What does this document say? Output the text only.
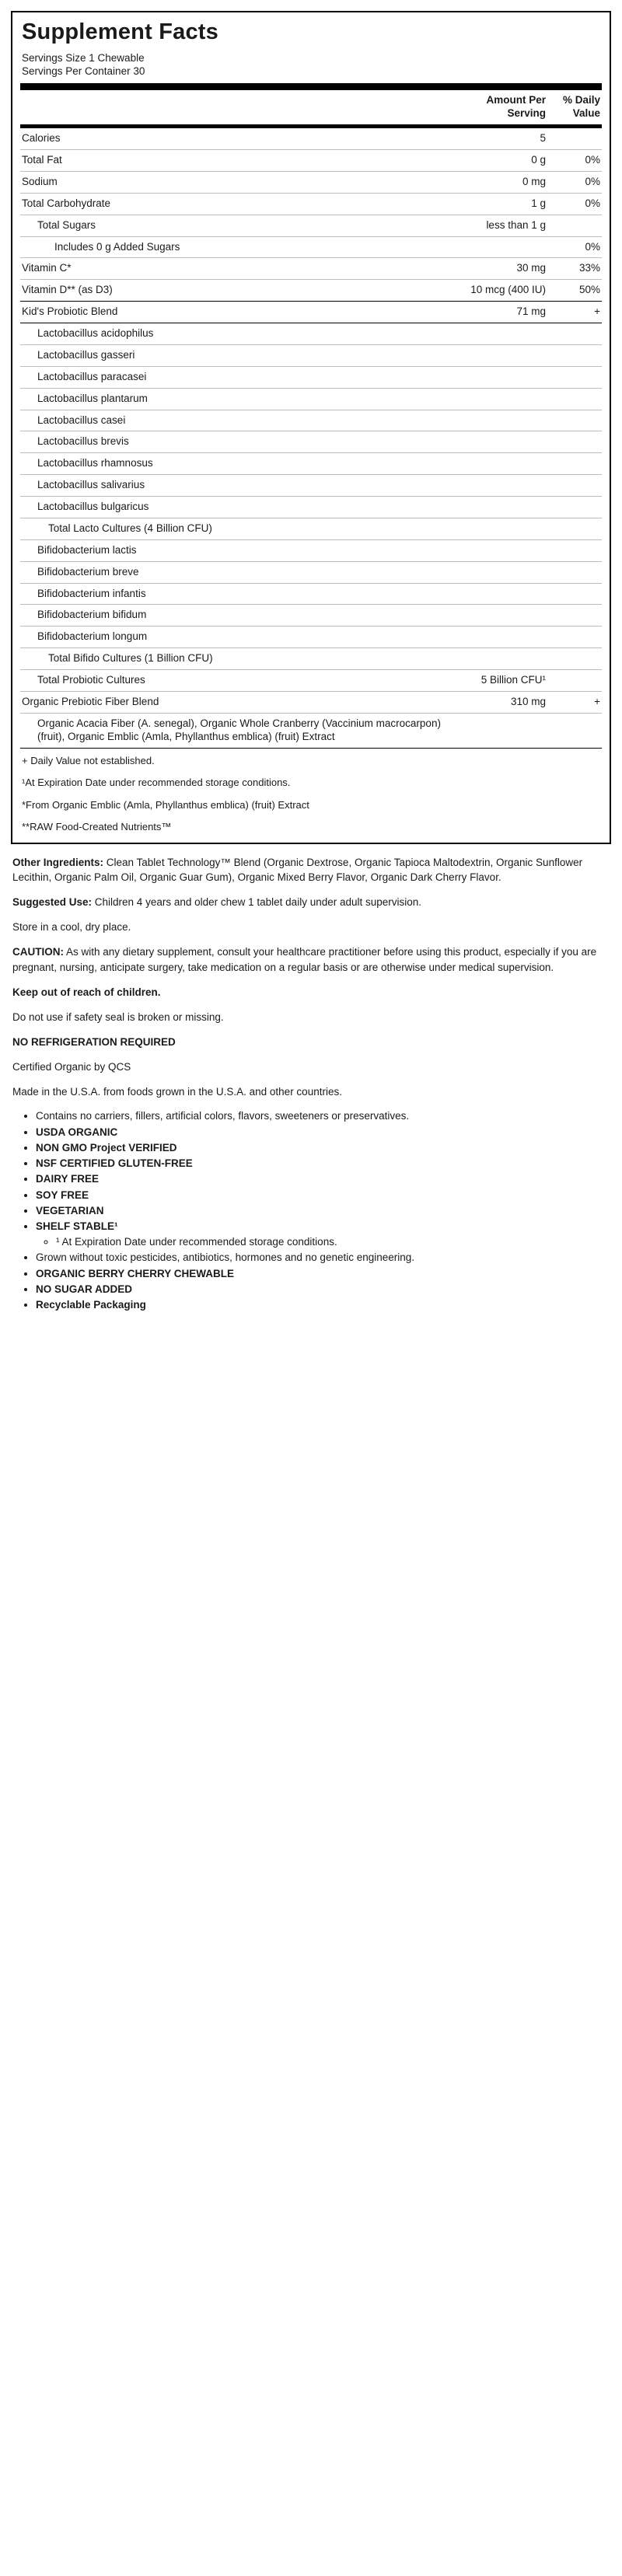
Supplement Facts
Servings Size 1 Chewable
Servings Per Container 30

Amount Per
Serving

% Daily
Value
Calories	5	
Total Fat	0 g	0%
Sodium	0 mg	0%
Total Carbohydrate	1 g	0%
Total Sugars	less than 1 g	
Includes 0 g Added Sugars		0%
Vitamin C*	30 mg	33%
Vitamin D** (as D3)	10 mcg (400 IU)	50%
Kid's Probiotic Blend	71 mg	+
Lactobacillus acidophilus		
Lactobacillus gasseri		
Lactobacillus paracasei		
Lactobacillus plantarum		
Lactobacillus casei		
Lactobacillus brevis		
Lactobacillus rhamnosus		
Lactobacillus salivarius		
Lactobacillus bulgaricus		
Total Lacto Cultures (4 Billion CFU)		
Bifidobacterium lactis		
Bifidobacterium breve		
Bifidobacterium infantis		
Bifidobacterium bifidum		
Bifidobacterium longum		
Total Bifido Cultures (1 Billion CFU)		
Total Probiotic Cultures	5 Billion CFU¹	
Organic Prebiotic Fiber Blend	310 mg	+
Organic Acacia Fiber (A. senegal), Organic Whole Cranberry (Vaccinium macrocarpon) (fruit), Organic Emblic (Amla, Phyllanthus emblica) (fruit) Extract		

+ Daily Value not established.

¹At Expiration Date under recommended storage conditions.

*From Organic Emblic (Amla, Phyllanthus emblica) (fruit) Extract

**RAW Food-Created Nutrients™

Other Ingredients: Clean Tablet Technology™ Blend (Organic Dextrose, Organic Tapioca Maltodextrin, Organic Sunflower Lecithin, Organic Palm Oil, Organic Guar Gum), Organic Mixed Berry Flavor, Organic Dark Cherry Flavor.

Suggested Use: Children 4 years and older chew 1 tablet daily under adult supervision.

Store in a cool, dry place.

CAUTION: As with any dietary supplement, consult your healthcare practitioner before using this product, especially if you are pregnant, nursing, anticipate surgery, take medication on a regular basis or are otherwise under medical supervision.

Keep out of reach of children.

Do not use if safety seal is broken or missing.

NO REFRIGERATION REQUIRED

Certified Organic by QCS

Made in the U.S.A. from foods grown in the U.S.A. and other countries.

• Contains no carriers, fillers, artificial colors, flavors, sweeteners or preservatives.
• USDA ORGANIC
• NON GMO Project VERIFIED
• NSF CERTIFIED GLUTEN-FREE
• DAIRY FREE
• SOY FREE
• VEGETARIAN
• SHELF STABLE¹
◦ ¹ At Expiration Date under recommended storage conditions.
• Grown without toxic pesticides, antibiotics, hormones and no genetic engineering.
• ORGANIC BERRY CHERRY CHEWABLE
• NO SUGAR ADDED
• Recyclable Packaging
